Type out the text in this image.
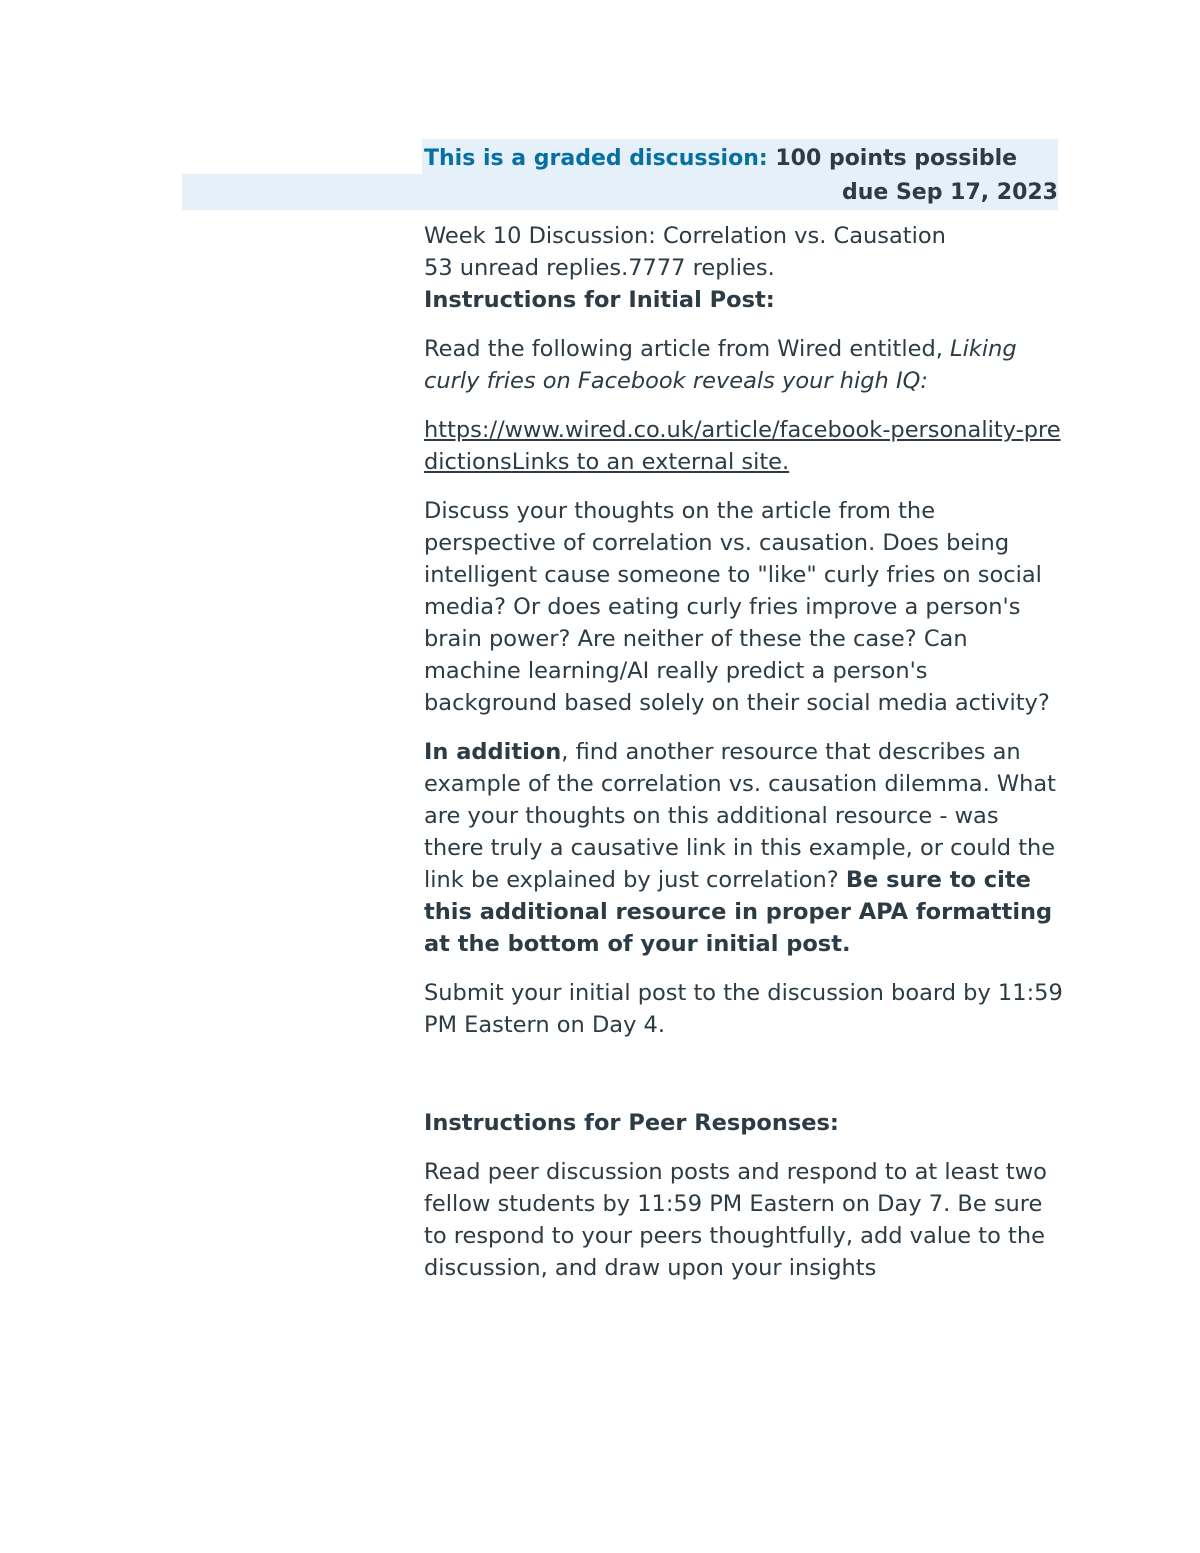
This is a graded discussion: 100 points possible
due Sep 17, 2023

Week 10 Discussion: Correlation vs. Causation

53 unread replies.7777 replies.

Instructions for Initial Post:

Read the following article from Wired entitled, Liking curly fries on Facebook reveals your high IQ:

https://www.wired.co.uk/article/facebook-personality-predictionsLinks to an external site.

Discuss your thoughts on the article from the perspective of correlation vs. causation. Does being intelligent cause someone to "like" curly fries on social media? Or does eating curly fries improve a person's brain power? Are neither of these the case? Can machine learning/AI really predict a person's background based solely on their social media activity?

In addition, find another resource that describes an example of the correlation vs. causation dilemma. What are your thoughts on this additional resource - was there truly a causative link in this example, or could the link be explained by just correlation? Be sure to cite this additional resource in proper APA formatting at the bottom of your initial post.

Submit your initial post to the discussion board by 11:59 PM Eastern on Day 4.

Instructions for Peer Responses:

Read peer discussion posts and respond to at least two fellow students by 11:59 PM Eastern on Day 7. Be sure to respond to your peers thoughtfully, add value to the discussion, and draw upon your insights
